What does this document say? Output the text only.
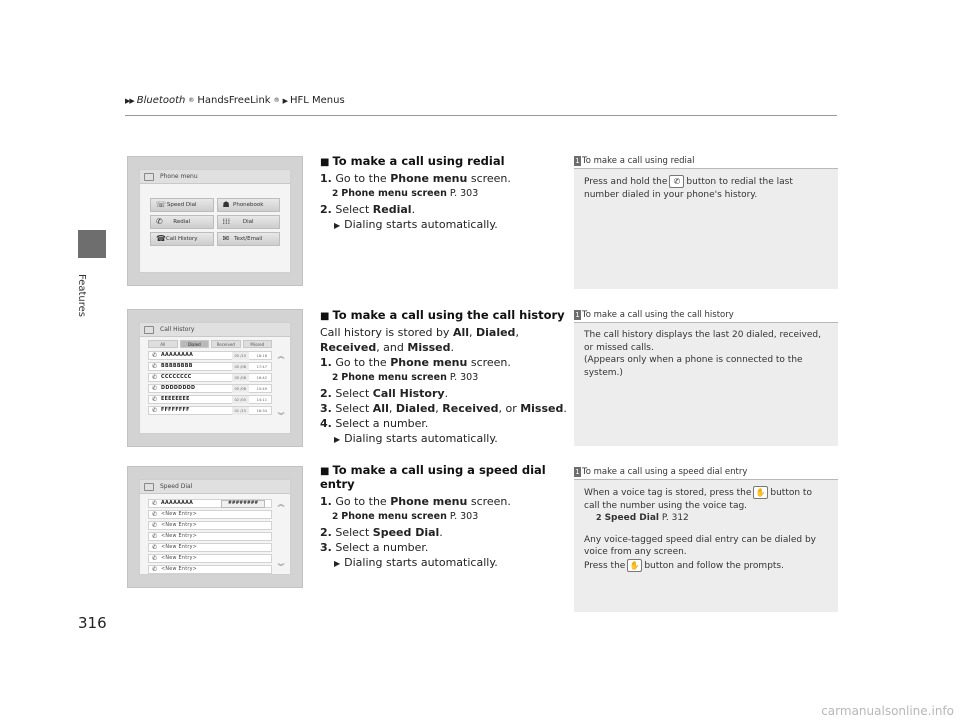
▶▶ Bluetooth ® HandsFreeLink ® ▶ HFL Menus
Features
316
Phone menu
☏ Speed Dial	☗ Phonebook
✆ Redial	⁞⁞⁞ Dial
☎ Call History	✉ Text/Email
Call History
All	Dialed	Received	Missed
✆ AAAAAAAA	05 /15	18:18
✆ BBBBBBBB	05 /08	17:47
✆ CCCCCCCC	05 /08	16:42
✆ DDDDDDDD	05 /08	10:49
✆ EEEEEEEE	02 /05	14:11
✆ FFFFFFFF	01 /15	16:34
︽
︾
Speed Dial
✆ AAAAAAAA	########
✆ <New Entry>
✆ <New Entry>
✆ <New Entry>
✆ <New Entry>
✆ <New Entry>
✆ <New Entry>
︽
︾
■ To make a call using redial
1. Go to the Phone menu screen.
2 Phone menu screen P. 303
2. Select Redial.
▶ Dialing starts automatically.
■ To make a call using the call history
Call history is stored by All, Dialed,
Received, and Missed.
1. Go to the Phone menu screen.
2 Phone menu screen P. 303
2. Select Call History.
3. Select All, Dialed, Received, or Missed.
4. Select a number.
▶ Dialing starts automatically.
■ To make a call using a speed dial entry
1. Go to the Phone menu screen.
2 Phone menu screen P. 303
2. Select Speed Dial.
3. Select a number.
▶ Dialing starts automatically.
1 To make a call using redial
Press and hold the ✆ button to redial the last number dialed in your phone's history.
1 To make a call using the call history
The call history displays the last 20 dialed, received, or missed calls.
(Appears only when a phone is connected to the system.)
1 To make a call using a speed dial entry
When a voice tag is stored, press the ✋ button to call the number using the voice tag.
2 Speed Dial P. 312
Any voice-tagged speed dial entry can be dialed by voice from any screen.
Press the ✋ button and follow the prompts.
carmanualsonline.info
